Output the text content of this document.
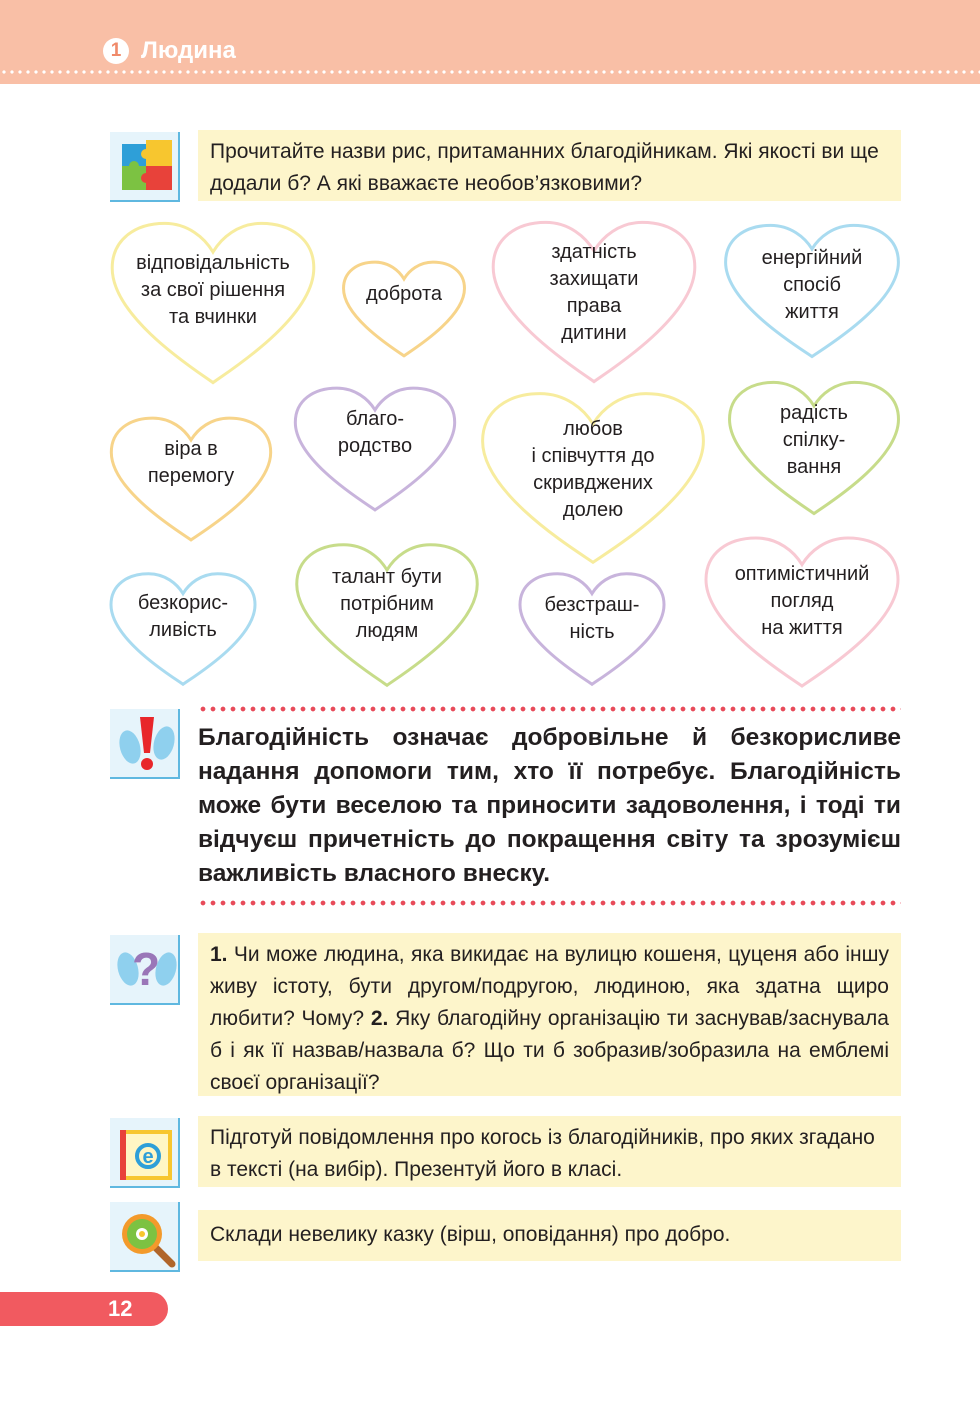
1 Людина
Прочитайте назви рис, притаманних благодійникам. Які якості ви ще додали б? А які вважаєте необов’язковими?
відповідальність
за свої рішення
та вчинки
доброта
здатність
захищати
права
дитини
енергійний
спосіб
життя
віра в
перемогу
благо-
родство
любов
і співчуття до
скривджених
долею
радість
спілку-
вання
безкорис-
ливість
талант бути
потрібним
людям
безстраш-
ність
оптимістичний
погляд
на життя
Благодійність означає добровільне й безкорисливе надання допомоги тим, хто її потребує. Благодійність може бути веселою та приносити задоволення, і тоді ти відчуєш причетність до покращення світу та зрозумієш важливість власного внеску.
?	1. Чи може людина, яка викидає на вулицю кошеня, цуценя або іншу живу істоту, бути другом/подругою, людиною, яка здатна щиро любити? Чому? 2. Яку благодійну організацію ти заснував/заснувала б і як її назвав/назвала б? Що ти б зобразив/зобразила на емблемі своєї організації?
e
Підготуй повідомлення про когось із благодійників, про яких згадано в тексті (на вибір). Презентуй його в класі.
Склади невелику казку (вірш, оповідання) про добро.
12
